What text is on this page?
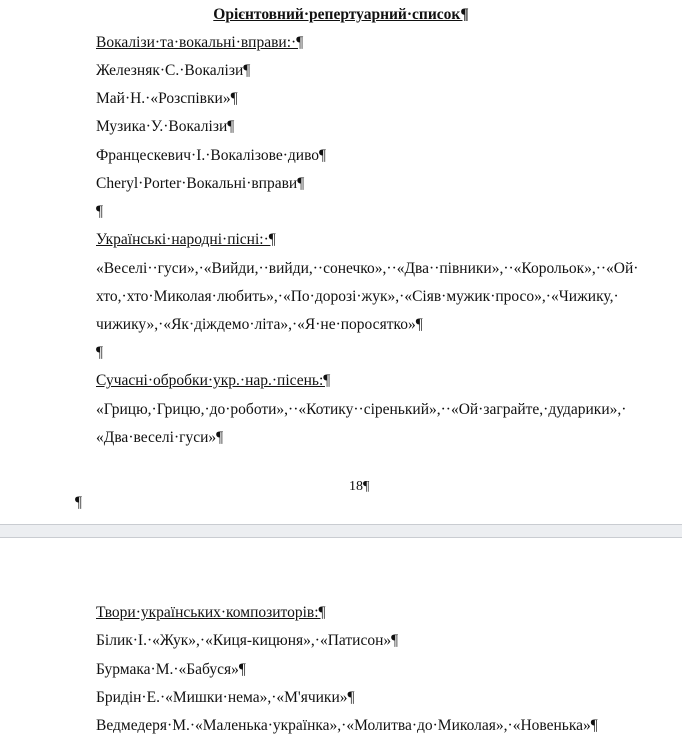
Орієнтовний·репертуарний·список¶
Вокалізи·та·вокальні·вправи:·¶
Железняк·С.·Вокалізи¶
Май·Н.·«Розспівки»¶
Музика·У.·Вокалізи¶
Францескевич·І.·Вокалізове·диво¶
Cheryl·Porter·Вокальні·вправи¶
¶
Українські·народні·пісні:·¶
«Веселі··гуси»,·«Вийди,··вийди,··сонечко»,··«Два··півники»,··«Корольок»,··«Ой·
хто,·хто·Миколая·любить»,·«По·дорозі·жук»,·«Сіяв·мужик·просо»,·«Чижику,·
чижику»,·«Як·діждемо·літа»,·«Я·не·поросятко»¶
¶
Сучасні·обробки·укр.·нар.·пісень:¶
«Грицю,·Грицю,·до·роботи»,··«Котику··сіренький»,··«Ой·заграйте,·дударики»,·
«Два·веселі·гуси»¶
18¶
¶
Твори·українських·композиторів:¶
Білик·І.·«Жук»,·«Киця-кицюня»,·«Патисон»¶
Бурмака·М.·«Бабуся»¶
Бридін·Е.·«Мишки·нема»,·«М'ячики»¶
Ведмедеря·М.·«Маленька·українка»,·«Молитва·до·Миколая»,·«Новенька»¶
